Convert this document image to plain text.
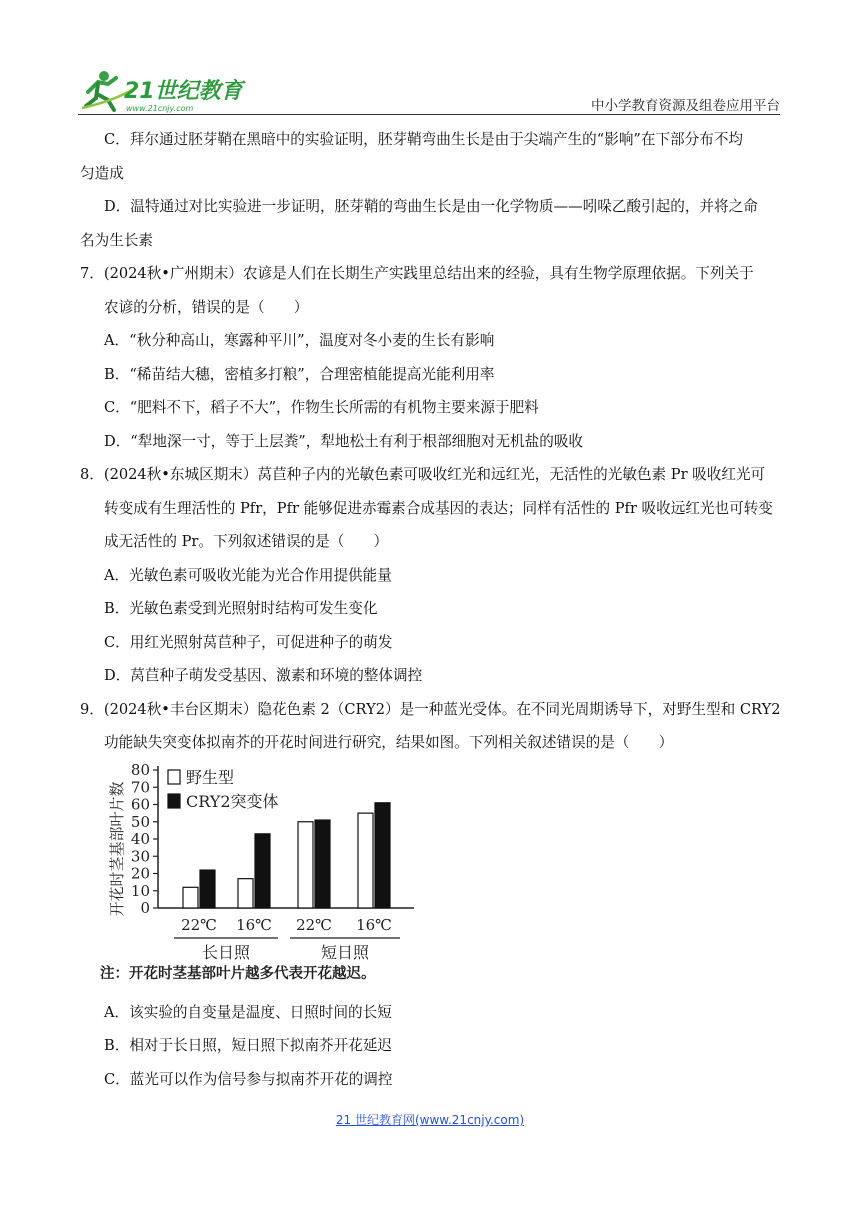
21世纪教育
www.21cnjy.com	中小学教育资源及组卷应用平台
C．拜尔通过胚芽鞘在黑暗中的实验证明，胚芽鞘弯曲生长是由于尖端产生的“影响”在下部分布不均
匀造成
D．温特通过对比实验进一步证明，胚芽鞘的弯曲生长是由一化学物质——吲哚乙酸引起的，并将之命
名为生长素
7．(2024秋•广州期末）农谚是人们在长期生产实践里总结出来的经验，具有生物学原理依据。下列关于
农谚的分析，错误的是（　　）
A．“秋分种高山，寒露种平川”，温度对冬小麦的生长有影响
B．“稀苗结大穗，密植多打粮”，合理密植能提高光能利用率
C．“肥料不下，稻子不大”，作物生长所需的有机物主要来源于肥料
D．“犁地深一寸，等于上层粪”，犁地松土有利于根部细胞对无机盐的吸收
8．(2024秋•东城区期末）莴苣种子内的光敏色素可吸收红光和远红光，无活性的光敏色素 Pr 吸收红光可
转变成有生理活性的 Pfr，Pfr 能够促进赤霉素合成基因的表达；同样有活性的 Pfr 吸收远红光也可转变
成无活性的 Pr。下列叙述错误的是（　　）
A．光敏色素可吸收光能为光合作用提供能量
B．光敏色素受到光照射时结构可发生变化
C．用红光照射莴苣种子，可促进种子的萌发
D．莴苣种子萌发受基因、激素和环境的整体调控
9．(2024秋•丰台区期末）隐花色素 2（CRY2）是一种蓝光受体。在不同光周期诱导下，对野生型和 CRY2
功能缺失突变体拟南芥的开花时间进行研究，结果如图。下列相关叙述错误的是（　　）
A．该实验的自变量是温度、日照时间的长短
B．相对于长日照，短日照下拟南芥开花延迟
C．蓝光可以作为信号参与拟南芥开花的调控
开花时茎基部叶片数 0
10
20
30
40
50
60
70
80
22℃ 16℃ 22℃ 16℃
长日照	短日照
野生型
CRY2突变体
注：开花时茎基部叶片越多代表开花越迟。
21 世纪教育网(www.21cnjy.com)
